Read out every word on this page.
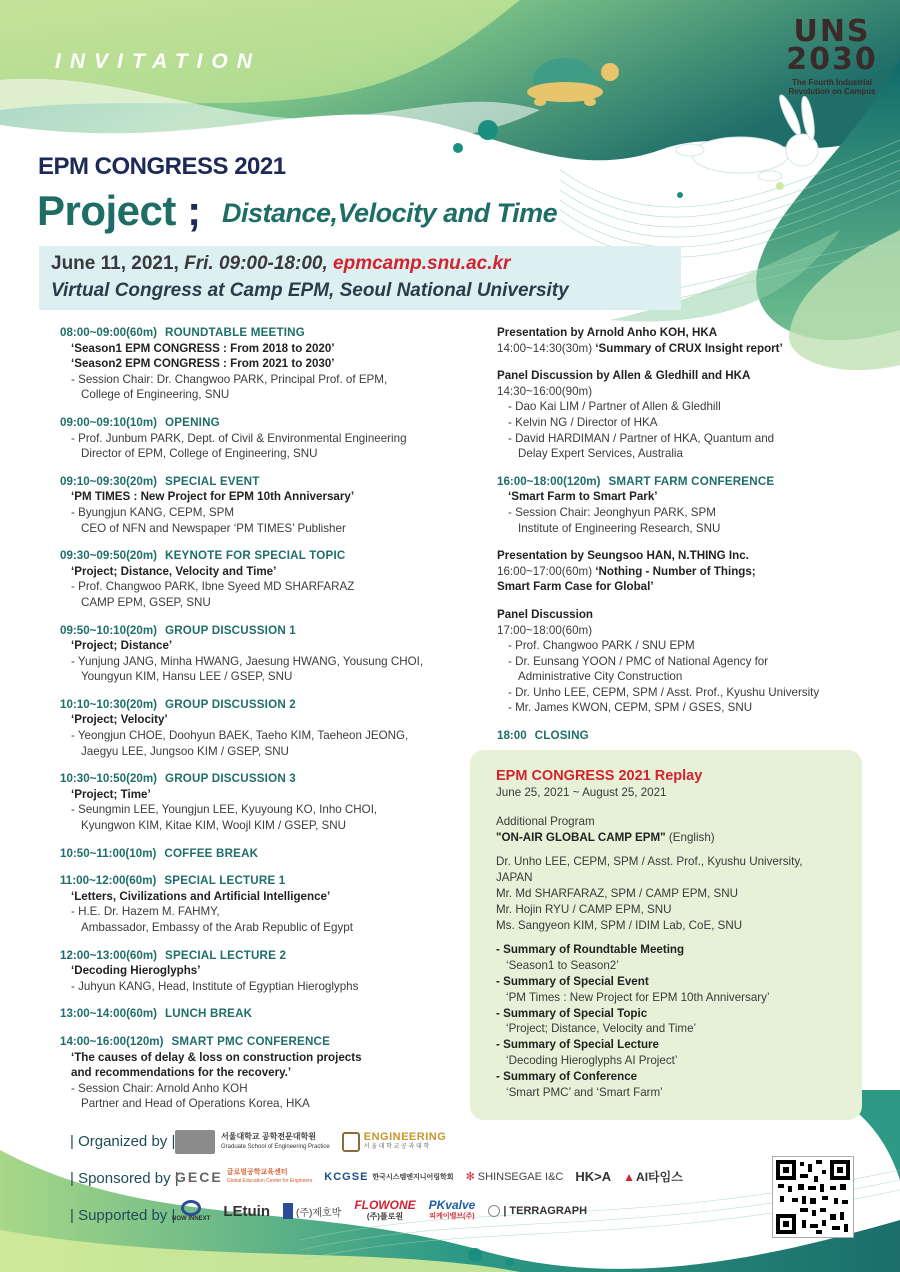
INVITATION
UNS 2030
The Fourth Industrial
Revolution on Campus
EPM CONGRESS 2021
Project ; Distance,Velocity and Time
June 11, 2021, Fri. 09:00-18:00, epmcamp.snu.ac.kr
Virtual Congress at Camp EPM, Seoul National University
08:00~09:00(60m) ROUNDTABLE MEETING
‘Season1 EPM CONGRESS : From 2018 to 2020’
‘Season2 EPM CONGRESS : From 2021 to 2030’
- Session Chair: Dr. Changwoo PARK, Principal Prof. of EPM,
College of Engineering, SNU
09:00~09:10(10m) OPENING
- Prof. Junbum PARK, Dept. of Civil & Environmental Engineering
Director of EPM, College of Engineering, SNU
09:10~09:30(20m) SPECIAL EVENT
‘PM TIMES : New Project for EPM 10th Anniversary’
- Byungjun KANG, CEPM, SPM
CEO of NFN and Newspaper ‘PM TIMES’ Publisher
09:30~09:50(20m) KEYNOTE FOR SPECIAL TOPIC
‘Project; Distance, Velocity and Time’
- Prof. Changwoo PARK, Ibne Syeed MD SHARFARAZ
CAMP EPM, GSEP, SNU
09:50~10:10(20m) GROUP DISCUSSION 1
‘Project; Distance’
- Yunjung JANG, Minha HWANG, Jaesung HWANG, Yousung CHOI,
Youngyun KIM, Hansu LEE / GSEP, SNU
10:10~10:30(20m) GROUP DISCUSSION 2
‘Project; Velocity’
- Yeongjun CHOE, Doohyun BAEK, Taeho KIM, Taeheon JEONG,
Jaegyu LEE, Jungsoo KIM / GSEP, SNU
10:30~10:50(20m) GROUP DISCUSSION 3
‘Project; Time’
- Seungmin LEE, Youngjun LEE, Kyuyoung KO, Inho CHOI,
Kyungwon KIM, Kitae KIM, Woojl KIM / GSEP, SNU
10:50~11:00(10m) COFFEE BREAK
11:00~12:00(60m) SPECIAL LECTURE 1
‘Letters, Civilizations and Artificial Intelligence’
- H.E. Dr. Hazem M. FAHMY,
Ambassador, Embassy of the Arab Republic of Egypt
12:00~13:00(60m) SPECIAL LECTURE 2
‘Decoding Hieroglyphs’
- Juhyun KANG, Head, Institute of Egyptian Hieroglyphs
13:00~14:00(60m) LUNCH BREAK
14:00~16:00(120m) SMART PMC CONFERENCE
‘The causes of delay & loss on construction projects
and recommendations for the recovery.’
- Session Chair: Arnold Anho KOH
Partner and Head of Operations Korea, HKA
Presentation by Arnold Anho KOH, HKA
14:00~14:30(30m) ‘Summary of CRUX Insight report’
Panel Discussion by Allen & Gledhill and HKA
14:30~16:00(90m)
- Dao Kai LIM / Partner of Allen & Gledhill
- Kelvin NG / Director of HKA
- David HARDIMAN / Partner of HKA, Quantum and
Delay Expert Services, Australia
16:00~18:00(120m) SMART FARM CONFERENCE
‘Smart Farm to Smart Park’
- Session Chair: Jeonghyun PARK, SPM
Institute of Engineering Research, SNU
Presentation by Seungsoo HAN, N.THING Inc.
16:00~17:00(60m) ‘Nothing - Number of Things;
Smart Farm Case for Global’
Panel Discussion
17:00~18:00(60m)
- Prof. Changwoo PARK / SNU EPM
- Dr. Eunsang YOON / PMC of National Agency for
Administrative City Construction
- Dr. Unho LEE, CEPM, SPM / Asst. Prof., Kyushu University
- Mr. James KWON, CEPM, SPM / GSES, SNU
18:00 CLOSING
EPM CONGRESS 2021 Replay
June 25, 2021 ~ August 25, 2021
Additional Program
"ON-AIR GLOBAL CAMP EPM" (English)
Dr. Unho LEE, CEPM, SPM / Asst. Prof., Kyushu University, JAPAN
Mr. Md SHARFARAZ, SPM / CAMP EPM, SNU
Mr. Hojin RYU / CAMP EPM, SNU
Ms. Sangyeon KIM, SPM / IDIM Lab, CoE, SNU
- Summary of Roundtable Meeting
‘Season1 to Season2’
- Summary of Special Event
‘PM Times : New Project for EPM 10th Anniversary’
- Summary of Special Topic
‘Project; Distance, Velocity and Time’
- Summary of Special Lecture
‘Decoding Hieroglyphs AI Project’
- Summary of Conference
‘Smart PMC’ and ‘Smart Farm’
| Organized by |	서울대학교 공학전문대학원
Graduate School of Engineering Practice
ENGINEERING
서 울 대 학 교 공 과 대 학
| Sponsored by |
GECE 글로벌공학교육센터
Global Education Center for Engineers KCGSE 한국시스템엔지니어링학회 ✻ SHINSEGAE I&C HK>A ▲ AI타임스
| Supported by |
NOW INNEXT LEtuin	(주)제호박
FLOWONE
(주)플로원
PKvalve
피케이밸브(주)	| TERRAGRAPH
